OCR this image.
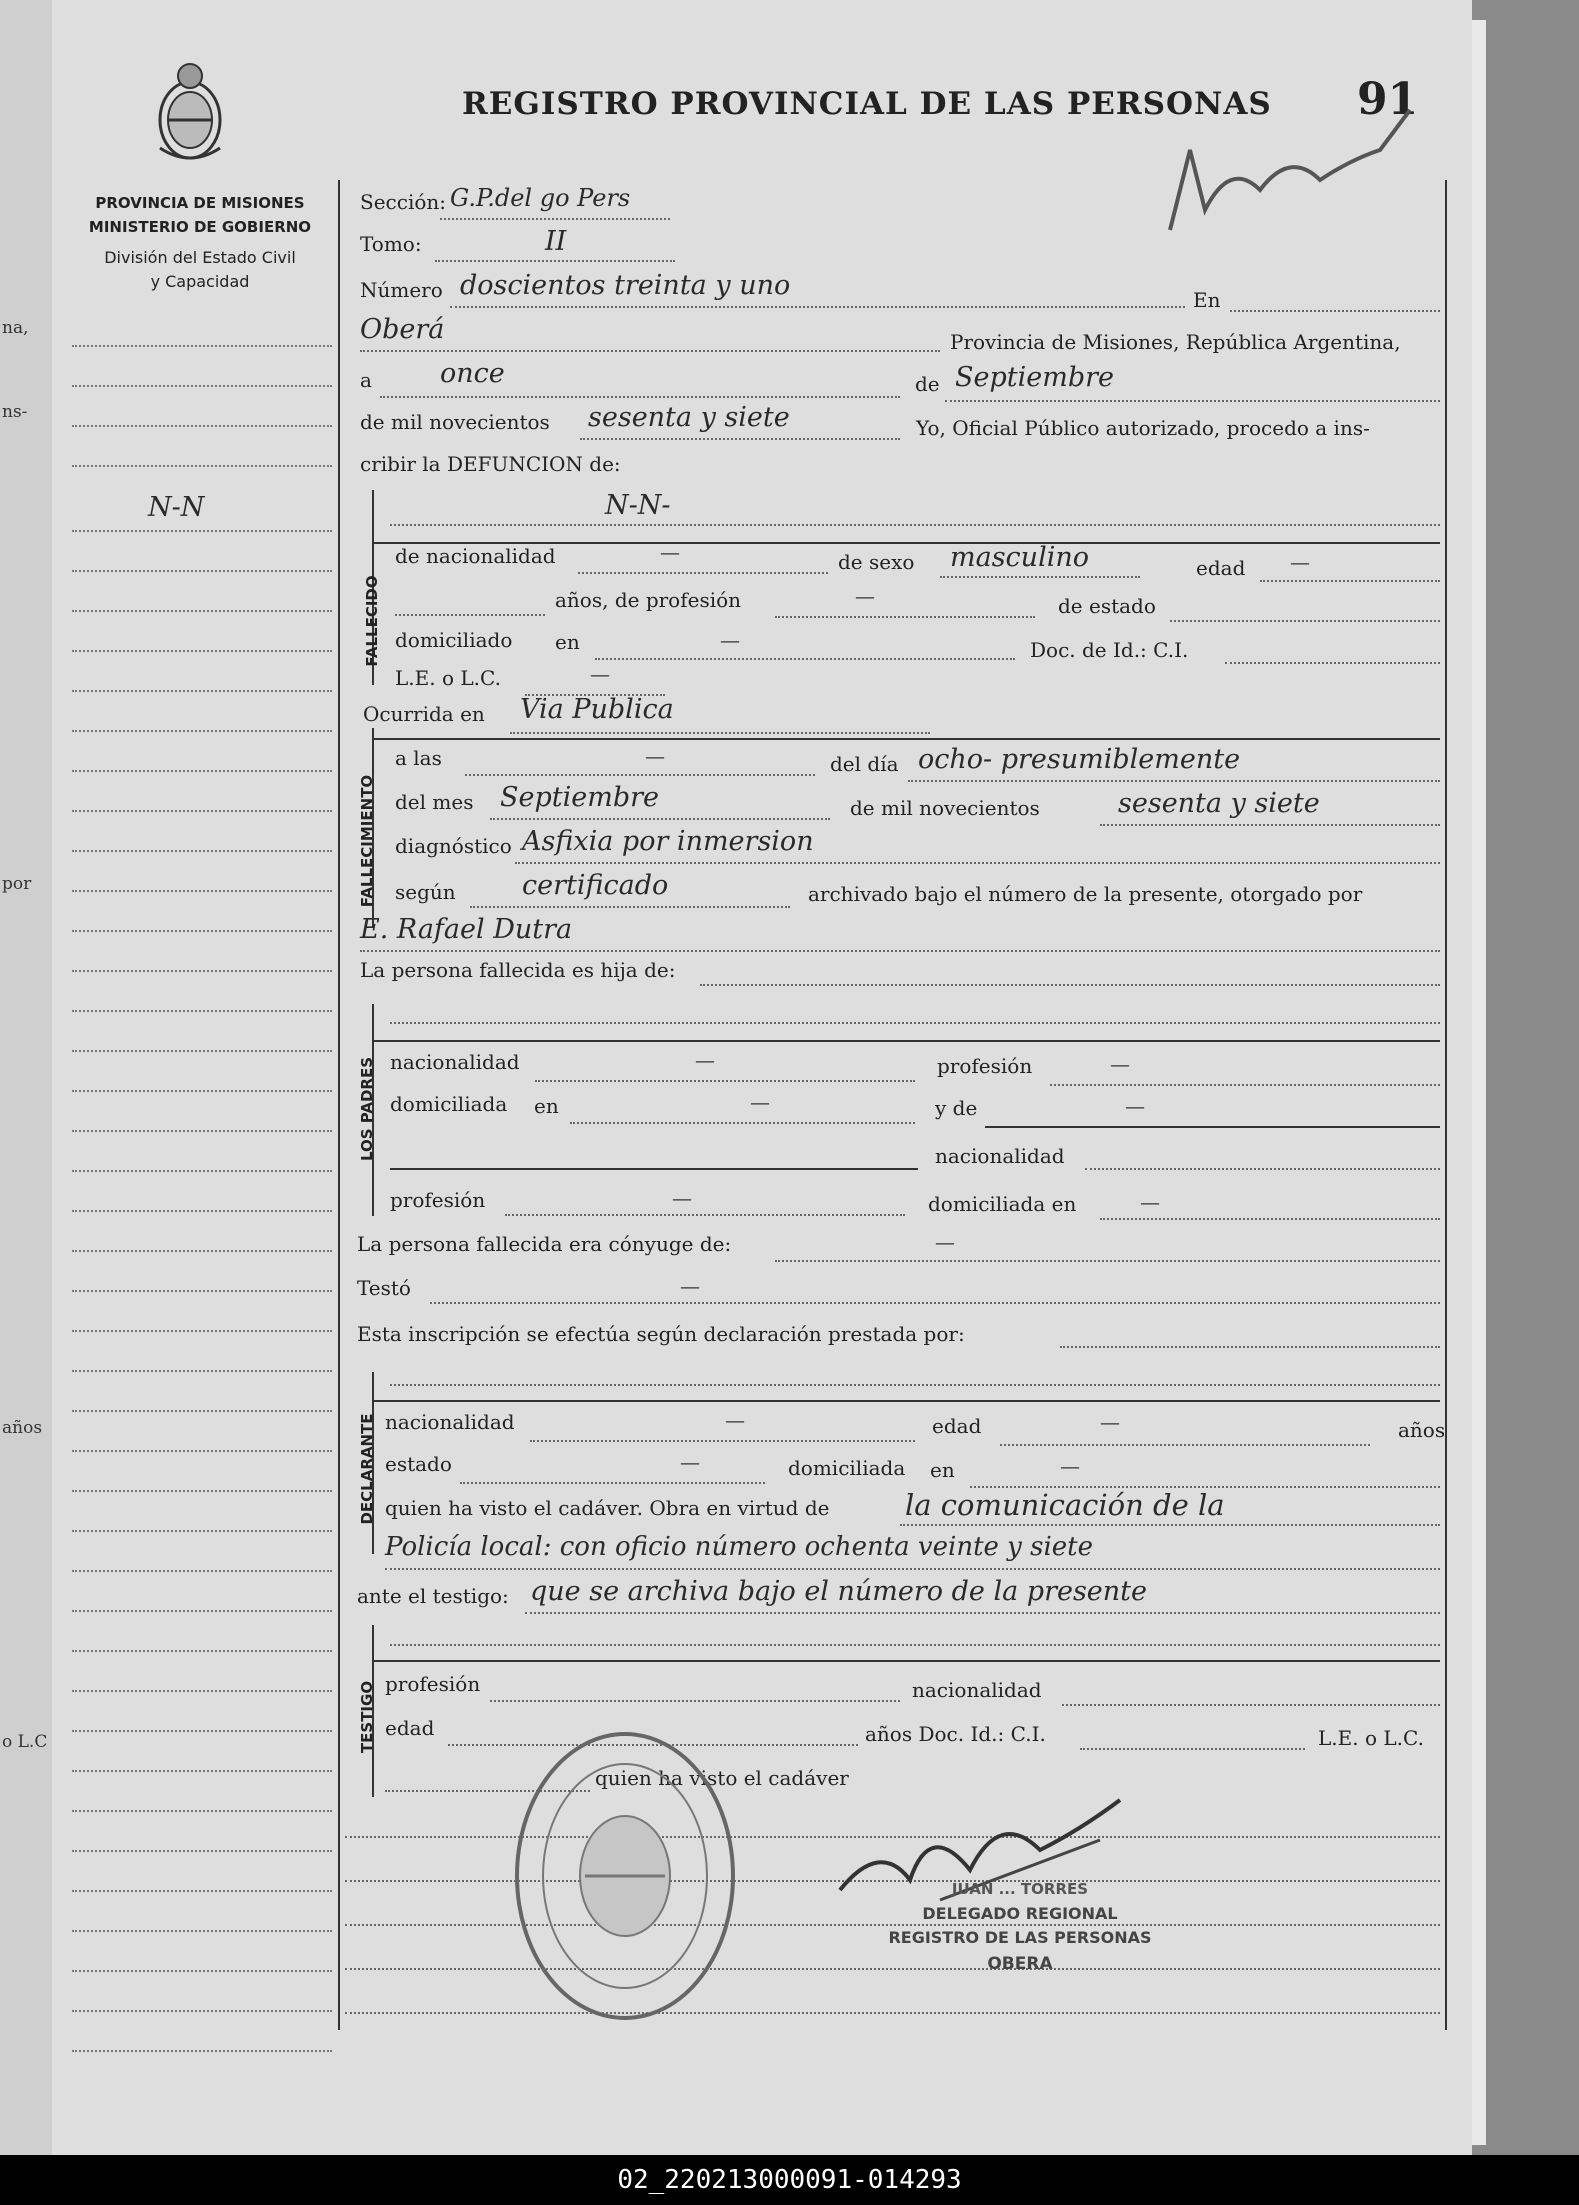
na,
ns-
por
años
o L.C
PROVINCIA DE MISIONES
MINISTERIO DE GOBIERNO
División del Estado Civil
y Capacidad
REGISTRO PROVINCIAL DE LAS PERSONAS 91
N-N
Sección: G.P.del go Pers
Tomo:	II
Número doscientos treinta y uno	En
Oberá	Provincia de Misiones, República Argentina,
a	once	de Septiembre
de mil novecientos sesenta y siete	Yo, Oficial Público autorizado, procedo a ins-
cribir la DEFUNCION de:
FALLECIDO
N-N-
de nacionalidad	—	de sexo masculino	edad —
años, de profesión	—	de estado
domiciliado en	—	Doc. de Id.: C.I.
L.E. o L.C.	—
Ocurrida en Via Publica
FALLECIMIENTO
a las	—	del día ocho- presumiblemente
del mes Septiembre	de mil novecientos	sesenta y siete
diagnóstico Asfixia por inmersion
según certificado	archivado bajo el número de la presente, otorgado por
E. Rafael Dutra
La persona fallecida es hija de:
LOS PADRES nacionalidad	—	profesión	—
domiciliada en	—	y de	—
nacionalidad
profesión	—	domiciliada en	—
La persona fallecida era cónyuge de:	—
Testó	—
Esta inscripción se efectúa según declaración prestada por:
DECLARANTE nacionalidad	—	edad	—	años
estado	—	domiciliada en	—
quien ha visto el cadáver. Obra en virtud de	la comunicación de la
Policía local: con oficio número ochenta veinte y siete
ante el testigo: que se archiva bajo el número de la presente
TESTIGO profesión	nacionalidad
edad	años Doc. Id.: C.I.	L.E. o L.C.
quien ha visto el cadáver
JUAN ... TORRES
DELEGADO REGIONAL
REGISTRO DE LAS PERSONAS
OBERA
02_220213000091-014293
